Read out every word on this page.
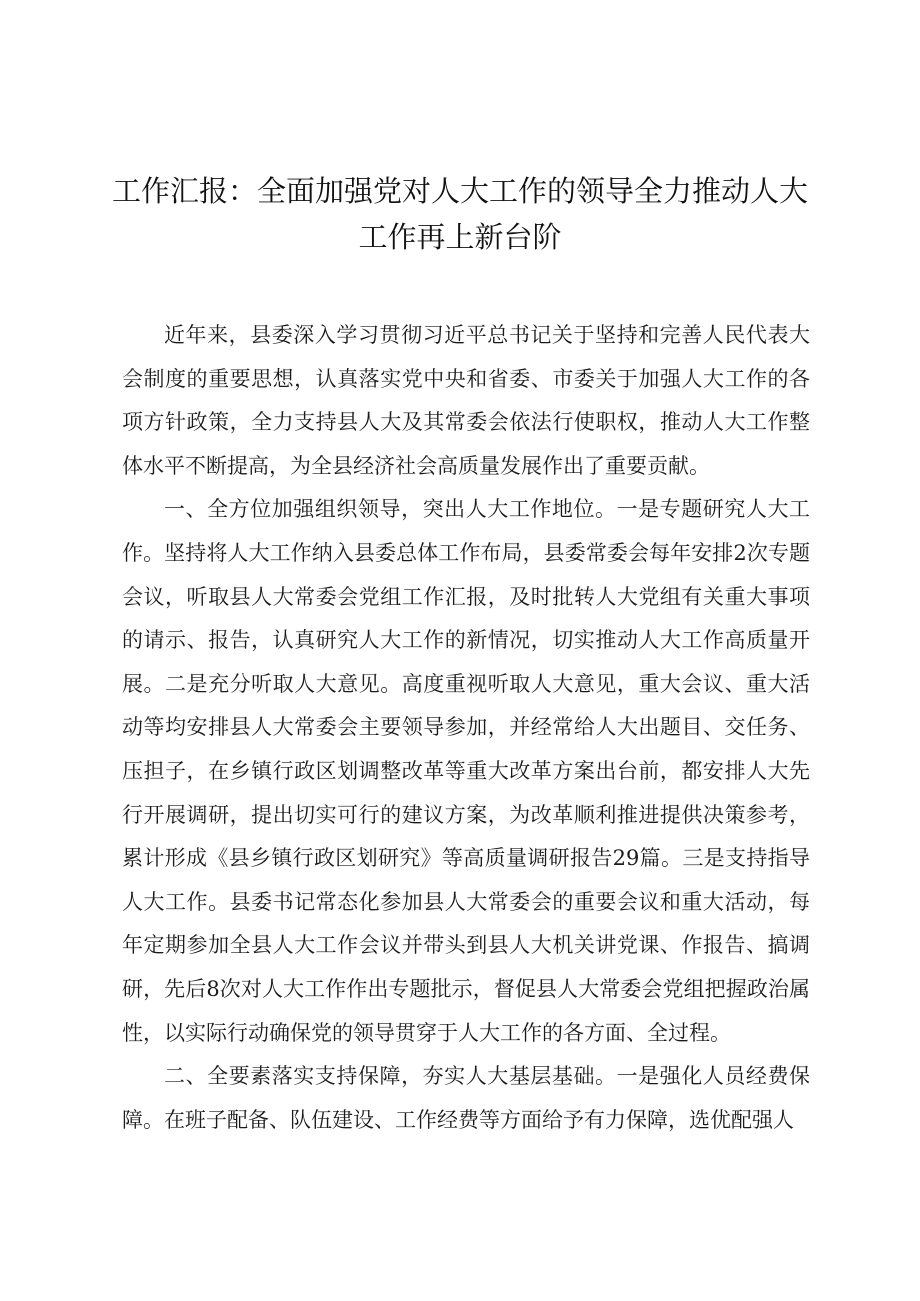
工作汇报：全面加强党对人大工作的领导全力推动人大
工作再上新台阶

近年来，县委深入学习贯彻习近平总书记关于坚持和完善人民代表大会制度的重要思想，认真落实党中央和省委、市委关于加强人大工作的各项方针政策，全力支持县人大及其常委会依法行使职权，推动人大工作整体水平不断提高，为全县经济社会高质量发展作出了重要贡献。

一、全方位加强组织领导，突出人大工作地位。一是专题研究人大工作。坚持将人大工作纳入县委总体工作布局，县委常委会每年安排2次专题会议，听取县人大常委会党组工作汇报，及时批转人大党组有关重大事项的请示、报告，认真研究人大工作的新情况，切实推动人大工作高质量开展。二是充分听取人大意见。高度重视听取人大意见，重大会议、重大活动等均安排县人大常委会主要领导参加，并经常给人大出题目、交任务、压担子，在乡镇行政区划调整改革等重大改革方案出台前，都安排人大先行开展调研，提出切实可行的建议方案，为改革顺利推进提供决策参考，累计形成《县乡镇行政区划研究》等高质量调研报告29篇。三是支持指导人大工作。县委书记常态化参加县人大常委会的重要会议和重大活动，每年定期参加全县人大工作会议并带头到县人大机关讲党课、作报告、搞调研，先后8次对人大工作作出专题批示，督促县人大常委会党组把握政治属性，以实际行动确保党的领导贯穿于人大工作的各方面、全过程。

二、全要素落实支持保障，夯实人大基层基础。一是强化人员经费保障。在班子配备、队伍建设、工作经费等方面给予有力保障，选优配强人
